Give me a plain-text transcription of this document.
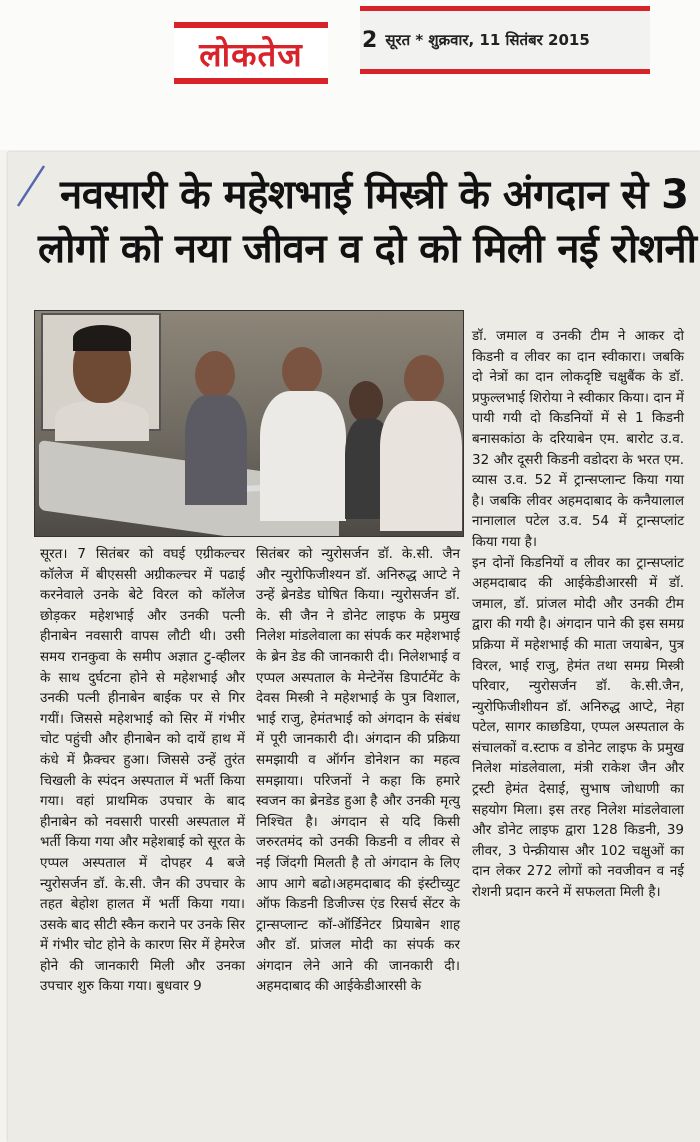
लोकतेज	2 सूरत * शुक्रवार, 11 सितंबर 2015
नवसारी के महेशभाई मिस्त्री के अंगदान से 3
लोगों को नया जीवन व दो को मिली नई रोशनी
सूरत। 7 सितंबर को वघई एग्रीकल्चर कॉलेज में बीएससी अग्रीकल्चर में पढाई करनेवाले उनके बेटे विरल को कॉलेज छोड़कर महेशभाई और उनकी पत्नी हीनाबेन नवसारी वापस लौटी थी। उसी समय रानकुवा के समीप अज्ञात टु-व्हीलर के साथ दुर्घटना होने से महेशभाई और उनकी पत्नी हीनाबेन बाईक पर से गिर गयीं। जिससे महेशभाई को सिर में गंभीर चोट पहुंची और हीनाबेन को दायें हाथ में कंधे में फ्रैक्चर हुआ। जिससे उन्हें तुरंत चिखली के स्पंदन अस्पताल में भर्ती किया गया। वहां प्राथमिक उपचार के बाद हीनाबेन को नवसारी पारसी अस्पताल में भर्ती किया गया और महेशबाई को सूरत के एप्पल अस्पताल में दोपहर 4 बजे न्युरोसर्जन डॉ. के.सी. जैन की उपचार के तहत बेहोश हालत में भर्ती किया गया। उसके बाद सीटी स्कैन कराने पर उनके सिर में गंभीर चोट होने के कारण सिर में हेमरेज होने की जानकारी मिली और उनका उपचार शुरु किया गया। बुधवार 9
सितंबर को न्युरोसर्जन डॉ. के.सी. जैन और न्युरोफिजीश्यन डॉ. अनिरुद्ध आप्टे ने उन्हें ब्रेनडेड घोषित किया। न्युरोसर्जन डॉ. के. सी जैन ने डोनेट लाइफ के प्रमुख निलेश मांडलेवाला का संपर्क कर महेशभाई के ब्रेन डेड की जानकारी दी। निलेशभाई व एप्पल अस्पताल के मेन्टेनेंस डिपार्टमेंट के देवस मिस्त्री ने महेशभाई के पुत्र विशाल, भाई राजु, हेमंतभाई को अंगदान के संबंध में पूरी जानकारी दी। अंगदान की प्रक्रिया समझायी व ऑर्गन डोनेशन का महत्व समझाया। परिजनों ने कहा कि हमारे स्वजन का ब्रेनडेड हुआ है और उनकी मृत्यु निश्चित है। अंगदान से यदि किसी जरुरतमंद को उनकी किडनी व लीवर से नई जिंदगी मिलती है तो अंगदान के लिए आप आगे बढो।अहमदाबाद की इंस्टीच्युट ऑफ किडनी डिजीज्स एंड रिसर्च सेंटर के ट्रान्सप्लान्ट कॉ-ऑर्डिनेटर प्रियाबेन शाह और डॉ. प्रांजल मोदी का संपर्क कर अंगदान लेने आने की जानकारी दी। अहमदाबाद की आईकेडीआरसी के
डॉ. जमाल व उनकी टीम ने आकर दो किडनी व लीवर का दान स्वीकारा। जबकि दो नेत्रों का दान लोकदृष्टि चक्षुबैंक के डॉ. प्रफुल्लभाई शिरोया ने स्वीकार किया। दान में पायी गयी दो किडनियों में से 1 किडनी बनासकांठा के दरियाबेन एम. बारोट उ.व. 32 और दूसरी किडनी वडोदरा के भरत एम. व्यास उ.व. 52 में ट्रान्सप्लान्ट किया गया है। जबकि लीवर अहमदाबाद के कनैयालाल नानालाल पटेल उ.व. 54 में ट्रान्सप्लांट किया गया है।
इन दोनों किडनियों व लीवर का ट्रान्सप्लांट अहमदाबाद की आईकेडीआरसी में डॉ. जमाल, डॉ. प्रांजल मोदी और उनकी टीम द्वारा की गयी है। अंगदान पाने की इस समग्र प्रक्रिया में महेशभाई की माता जयाबेन, पुत्र विरल, भाई राजु, हेमंत तथा समग्र मिस्त्री परिवार, न्युरोसर्जन डॉ. के.सी.जैन, न्युरोफिजीशीयन डॉ. अनिरुद्ध आप्टे, नेहा पटेल, सागर काछडिया, एप्पल अस्पताल के संचालकों व.स्टाफ व डोनेट लाइफ के प्रमुख निलेश मांडलेवाला, मंत्री राकेश जैन और ट्रस्टी हेमंत देसाई, सुभाष जोधाणी का सहयोग मिला। इस तरह निलेश मांडलेवाला और डोनेट लाइफ द्वारा 128 किडनी, 39 लीवर, 3 पेन्क्रीयास और 102 चक्षुओं का दान लेकर 272 लोगों को नवजीवन व नई रोशनी प्रदान करने में सफलता मिली है।
